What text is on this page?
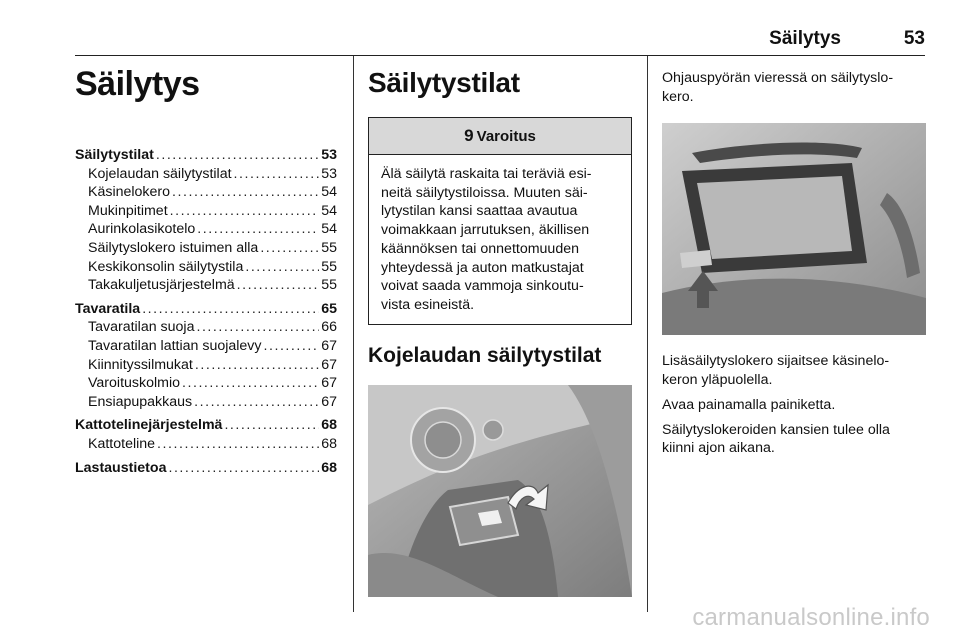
Säilytys	53
Säilytys
Säilytystilat . . .	53
Kojelaudan säilytystilat . . .	53
Käsinelokero . . .	54
Mukinpitimet . . .	54
Aurinkolasikotelo . . .	54
Säilytyslokero istuimen alla . . .	55
Keskikonsolin säilytystila . . .	55
Takakuljetusjärjestelmä . . .	55
Tavaratila . . .	65
Tavaratilan suoja . . .	66
Tavaratilan lattian suojalevy . . .	67
Kiinnityssilmukat . . .	67
Varoituskolmio . . .	67
Ensiapupakkaus . . .	67
Kattotelinejärjestelmä . . .	68
Kattoteline . . .	68
Lastaustietoa . . .	68
Säilytystilat
9 Varoitus
Älä säilytä raskaita tai teräviä esi-
neitä säilytystiloissa. Muuten säi-
lytystilan kansi saattaa avautua
voimakkaan jarrutuksen, äkillisen
käännöksen tai onnettomuuden
yhteydessä ja auton matkustajat
voivat saada vammoja sinkoutu-
vista esineistä.
Kojelaudan säilytystilat
Ohjauspyörän vieressä on säilytyslo-
kero.
Lisäsäilytyslokero sijaitsee käsinelo-
keron yläpuolella.
Avaa painamalla painiketta.
Säilytyslokeroiden kansien tulee olla
kiinni ajon aikana.
carmanualsonline.info
